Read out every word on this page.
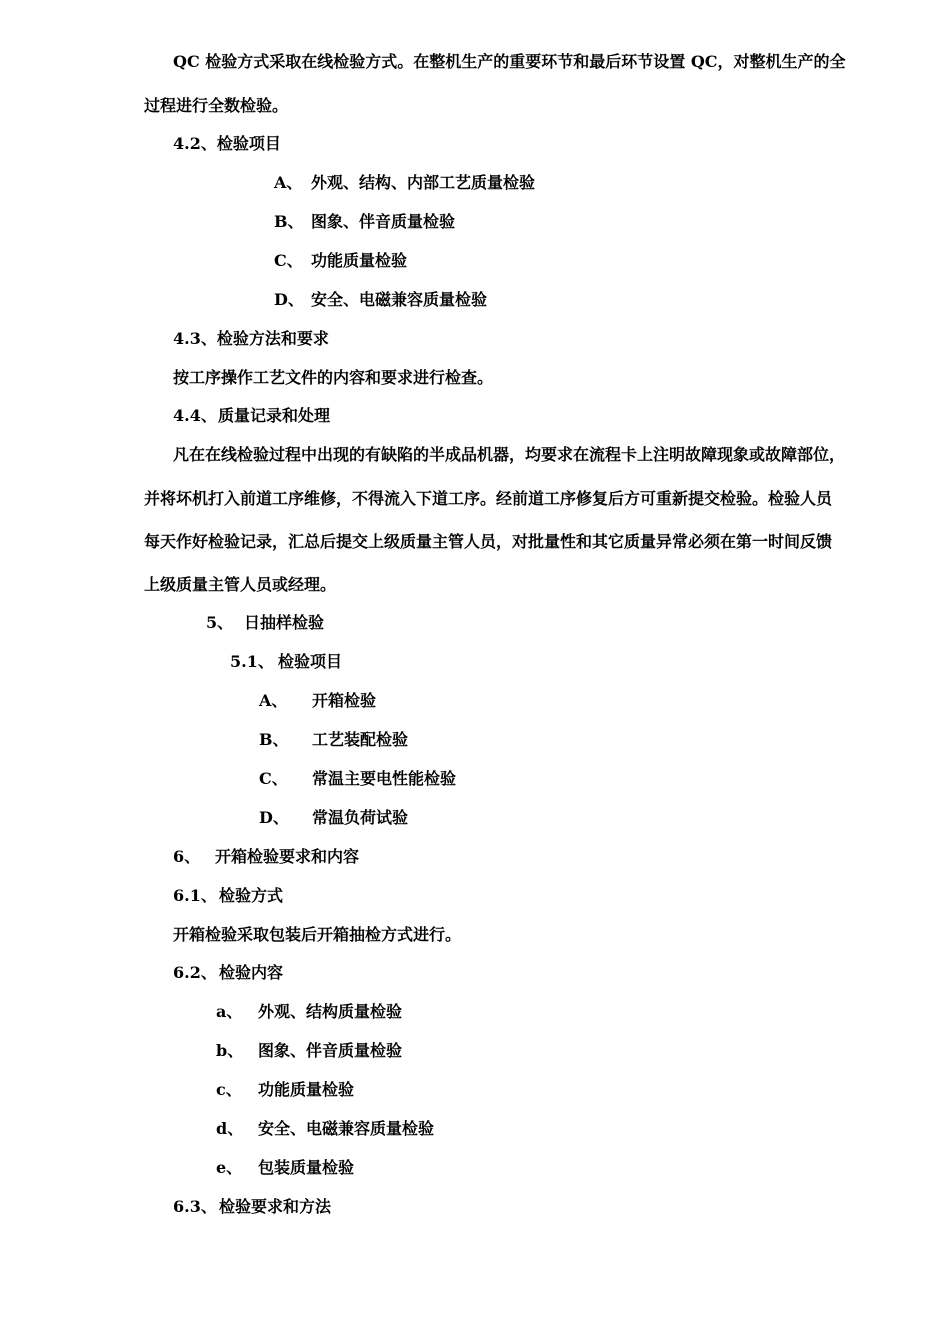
QC 检验方式采取在线检验方式。在整机生产的重要环节和最后环节设置 QC，对整机生产的全
过程进行全数检验。
4.2、检验项目
A、 外观、结构、内部工艺质量检验
B、 图象、伴音质量检验
C、 功能质量检验
D、 安全、电磁兼容质量检验
4.3、检验方法和要求
按工序操作工艺文件的内容和要求进行检查。
4.4、质量记录和处理
凡在在线检验过程中出现的有缺陷的半成品机器，均要求在流程卡上注明故障现象或故障部位，
并将坏机打入前道工序维修，不得流入下道工序。经前道工序修复后方可重新提交检验。检验人员
每天作好检验记录，汇总后提交上级质量主管人员，对批量性和其它质量异常必须在第一时间反馈
上级质量主管人员或经理。
5、 日抽样检验
5.1、 检验项目
A、 开箱检验
B、 工艺装配检验
C、 常温主要电性能检验
D、 常温负荷试验
6、 开箱检验要求和内容
6.1、 检验方式
开箱检验采取包装后开箱抽检方式进行。
6.2、 检验内容
a、 外观、结构质量检验
b、 图象、伴音质量检验
c、 功能质量检验
d、 安全、电磁兼容质量检验
e、 包装质量检验
6.3、 检验要求和方法
